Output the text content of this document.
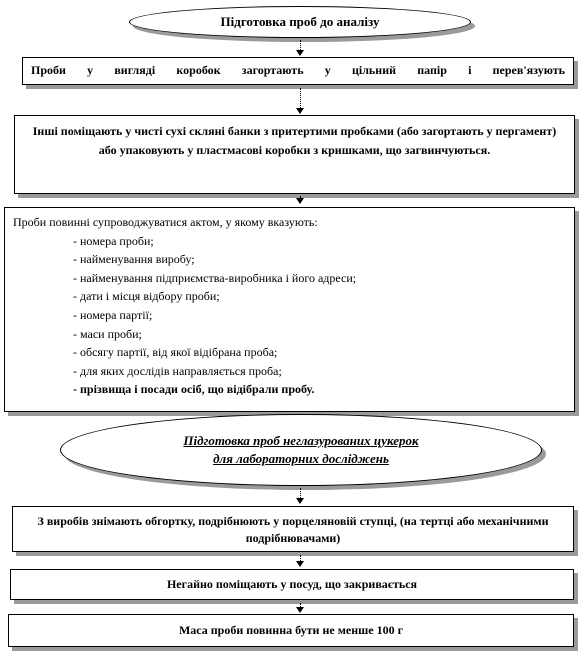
Підготовка проб до аналізу
Проби у вигляді коробок загортають у цільний папір і перев'язують
Інші поміщають у чисті сухі скляні банки з притертими пробками (або загортають у пергамент) або упаковують у пластмасові коробки з кришками, що загвинчуються.
Проби повинні супроводжуватися актом, у якому вказують:
- номера проби;
- найменування виробу;
- найменування підприємства-виробника і його адреси;
- дати і місця відбору проби;
- номера партії;
- маси проби;
- обсягу партії, від якої відібрана проба;
- для яких дослідів направляється проба;
- прізвища і посади осіб, що відібрали пробу.
Підготовка проб неглазурованих цукерок
для лабораторних досліджень
З виробів знімають обгортку, подрібнюють у порцеляновій ступці, (на тертці або механічними подрібнювачами)
Негайно поміщають у посуд, що закривається
Маса проби повинна бути не менше 100 г
